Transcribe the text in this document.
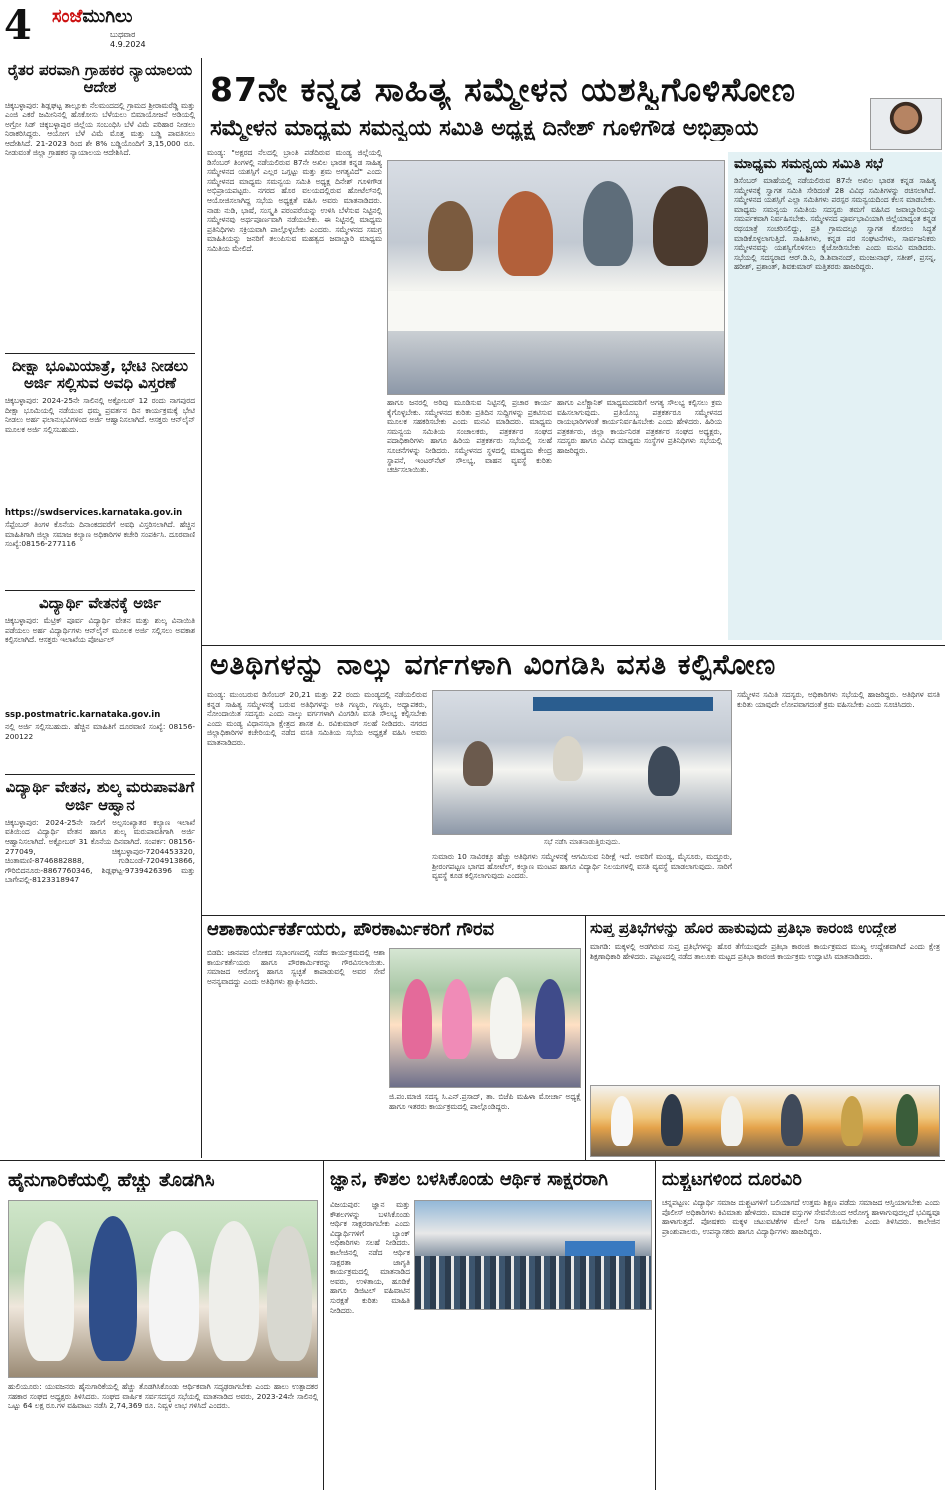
4 ಸಂಜೆಮುಗಿಲು
ಬುಧವಾರ
4.9.2024
ರೈತರ ಪರವಾಗಿ ಗ್ರಾಹಕರ ನ್ಯಾಯಾಲಯ ಆದೇಶ
ಚಿಕ್ಕಬಳ್ಳಾಪುರ: ಶಿಡ್ಲಘಟ್ಟ ತಾಲ್ಲೂಕು ನೆಲಮಂದದಲ್ಲಿ ಗ್ರಾಮದ ಶ್ರೀರಾಮರೆಡ್ಡಿ ಮತ್ತು ಎಂಜಿ ಎಕರೆ ಜಮೀನಿನಲ್ಲಿ ಹೊಕೋಸು ಬೆಳೆಯಲು ಬಿಮಾಯೋಜನೆ ಅಡಿಯಲ್ಲಿ ಅಗ್ರೋ ಸಿಡ್ ಚಿಕ್ಕಬಳ್ಳಾಪುರ ಜಿಲ್ಲೆಯ ಸಂಬಂಧಿಸಿ ಬೆಳೆ ವಿಮೆ ಪರಿಹಾರ ನೀಡಲು ನಿರಾಕರಿಸಿದ್ದರು. ಆಯೋಗ ಬೆಳೆ ವಿಮೆ ಮೊತ್ತ ಮತ್ತು ಬಡ್ಡಿ ಪಾವತಿಸಲು ಆದೇಶಿಸಿದೆ. 21-2023 ರಿಂದ ಶೇ 8% ಬಡ್ಡಿಯೊಂದಿಗೆ 3,15,000 ರೂ. ನೀಡುವಂತೆ ಜಿಲ್ಲಾ ಗ್ರಾಹಕರ ನ್ಯಾಯಾಲಯ ಆದೇಶಿಸಿದೆ.
ದೀಕ್ಷಾ ಭೂಮಿಯಾತ್ರೆ, ಭೇಟಿ ನೀಡಲು ಅರ್ಜಿ ಸಲ್ಲಿಸುವ ಅವಧಿ ವಿಸ್ತರಣೆ
ಚಿಕ್ಕಬಳ್ಳಾಪುರ: 2024-25ನೇ ಸಾಲಿನಲ್ಲಿ ಅಕ್ಟೋಬರ್ 12 ರಂದು ನಾಗಪುರದ ದೀಕ್ಷಾ ಭೂಮಿಯಲ್ಲಿ ನಡೆಯುವ ಧಮ್ಮ ಪ್ರವರ್ತನ ದಿನ ಕಾರ್ಯಕ್ರಮಕ್ಕೆ ಭೇಟಿ ನೀಡಲು ಅರ್ಹ ಫಲಾನುಭವಿಗಳಿಂದ ಅರ್ಜಿ ಆಹ್ವಾನಿಸಲಾಗಿದೆ. ಆಸಕ್ತರು ಆನ್‌ಲೈನ್ ಮೂಲಕ ಅರ್ಜಿ ಸಲ್ಲಿಸಬಹುದು.
https://swdservices.karnataka.gov.in
ಸೆಪ್ಟೆಂಬರ್ ತಿಂಗಳ ಕೊನೆಯ ದಿನಾಂಕದವರೆಗೆ ಅವಧಿ ವಿಸ್ತರಿಸಲಾಗಿದೆ. ಹೆಚ್ಚಿನ ಮಾಹಿತಿಗಾಗಿ ಜಿಲ್ಲಾ ಸಮಾಜ ಕಲ್ಯಾಣ ಅಧಿಕಾರಿಗಳ ಕಚೇರಿ ಸಂಪರ್ಕಿಸಿ. ದೂರವಾಣಿ ಸಂಖ್ಯೆ:08156-277116
ವಿದ್ಯಾರ್ಥಿ ವೇತನಕ್ಕೆ ಅರ್ಜಿ
ಚಿಕ್ಕಬಳ್ಳಾಪುರ: ಮೆಟ್ರಿಕ್ ಪೂರ್ವ ವಿದ್ಯಾರ್ಥಿ ವೇತನ ಮತ್ತು ಶುಲ್ಕ ವಿನಾಯಿತಿ ಪಡೆಯಲು ಅರ್ಹ ವಿದ್ಯಾರ್ಥಿಗಳು ಆನ್‌ಲೈನ್ ಮೂಲಕ ಅರ್ಜಿ ಸಲ್ಲಿಸಲು ಅವಕಾಶ ಕಲ್ಪಿಸಲಾಗಿದೆ. ಆಸಕ್ತರು ಇಲಾಖೆಯ ಪೋರ್ಟಲ್
ssp.postmatric.karnataka.gov.in
ನಲ್ಲಿ ಅರ್ಜಿ ಸಲ್ಲಿಸಬಹುದು. ಹೆಚ್ಚಿನ ಮಾಹಿತಿಗೆ ದೂರವಾಣಿ ಸಂಖ್ಯೆ: 08156-200122
ವಿದ್ಯಾರ್ಥಿ ವೇತನ, ಶುಲ್ಕ ಮರುಪಾವತಿಗೆ ಅರ್ಜಿ ಆಹ್ವಾನ
ಚಿಕ್ಕಬಳ್ಳಾಪುರ: 2024-25ನೇ ಸಾಲಿಗೆ ಅಲ್ಪಸಂಖ್ಯಾತರ ಕಲ್ಯಾಣ ಇಲಾಖೆ ವತಿಯಿಂದ ವಿದ್ಯಾರ್ಥಿ ವೇತನ ಹಾಗೂ ಶುಲ್ಕ ಮರುಪಾವತಿಗಾಗಿ ಅರ್ಜಿ ಆಹ್ವಾನಿಸಲಾಗಿದೆ. ಅಕ್ಟೋಬರ್ 31 ಕೊನೆಯ ದಿನವಾಗಿದೆ. ಸಂಪರ್ಕ: 08156-277049, ಚಿಕ್ಕಬಳ್ಳಾಪುರ-7204453320, ಚಿಂತಾಮಣಿ-8746882888, ಗುಡಿಬಂಡೆ-7204913866, ಗೌರಿಬಿದನೂರು-8867760346, ಶಿಡ್ಲಘಟ್ಟ-9739426396 ಮತ್ತು ಬಾಗೇಪಲ್ಲಿ-8123318947
87ನೇ ಕನ್ನಡ ಸಾಹಿತ್ಯ ಸಮ್ಮೇಳನ ಯಶಸ್ವಿಗೊಳಿಸೋಣ
ಸಮ್ಮೇಳನ ಮಾಧ್ಯಮ ಸಮನ್ವಯ ಸಮಿತಿ ಅಧ್ಯಕ್ಷ ದಿನೇಶ್ ಗೂಳಿಗೌಡ ಅಭಿಪ್ರಾಯ
ಮಂಡ್ಯ: "ಅಕ್ಷರದ ನೆಲದಲ್ಲಿ ಬ್ರಾಂತಿ ಪಡೆದಿರುವ ಮಂಡ್ಯ ಜಿಲ್ಲೆಯಲ್ಲಿ ಡಿಸೆಂಬರ್ ತಿಂಗಳಲ್ಲಿ ನಡೆಯಲಿರುವ 87ನೇ ಅಖಿಲ ಭಾರತ ಕನ್ನಡ ಸಾಹಿತ್ಯ ಸಮ್ಮೇಳನದ ಯಶಸ್ಸಿಗೆ ಎಲ್ಲರ ಒಗ್ಗಟ್ಟು ಮತ್ತು ಶ್ರಮ ಅಗತ್ಯವಿದೆ" ಎಂದು ಸಮ್ಮೇಳನದ ಮಾಧ್ಯಮ ಸಮನ್ವಯ ಸಮಿತಿ ಅಧ್ಯಕ್ಷ ದಿನೇಶ್ ಗೂಳಿಗೌಡ ಅಭಿಪ್ರಾಯಪಟ್ಟರು. ನಗರದ ಹೊರ ವಲಯದಲ್ಲಿರುವ ಹೋಟೆಲ್‌ನಲ್ಲಿ ಆಯೋಜಿಸಲಾಗಿದ್ದ ಸಭೆಯ ಅಧ್ಯಕ್ಷತೆ ವಹಿಸಿ ಅವರು ಮಾತನಾಡಿದರು. ನಾಡು ನುಡಿ, ಭಾಷೆ, ಸಂಸ್ಕೃತಿ ಪರಂಪರೆಯನ್ನು ಉಳಿಸಿ ಬೆಳೆಸುವ ನಿಟ್ಟಿನಲ್ಲಿ ಸಮ್ಮೇಳನವು ಅರ್ಥಪೂರ್ಣವಾಗಿ ನಡೆಯಬೇಕು. ಈ ನಿಟ್ಟಿನಲ್ಲಿ ಮಾಧ್ಯಮ ಪ್ರತಿನಿಧಿಗಳು ಸಕ್ರಿಯವಾಗಿ ಪಾಲ್ಗೊಳ್ಳಬೇಕು ಎಂದರು. ಸಮ್ಮೇಳನದ ಸಮಗ್ರ ಮಾಹಿತಿಯನ್ನು ಜನರಿಗೆ ತಲುಪಿಸುವ ಮಹತ್ವದ ಜವಾಬ್ದಾರಿ ಮಾಧ್ಯಮ ಸಮಿತಿಯ ಮೇಲಿದೆ.
ಹಾಗೂ ಜನರಲ್ಲಿ ಅರಿವು ಮೂಡಿಸುವ ನಿಟ್ಟಿನಲ್ಲಿ ಪ್ರಚಾರ ಕಾರ್ಯ ಕೈಗೊಳ್ಳಬೇಕು. ಸಮ್ಮೇಳನದ ಕುರಿತು ಪ್ರತಿದಿನ ಸುದ್ದಿಗಳನ್ನು ಪ್ರಕಟಿಸುವ ಮೂಲಕ ಸಹಕರಿಸಬೇಕು ಎಂದು ಮನವಿ ಮಾಡಿದರು. ಮಾಧ್ಯಮ ಸಮನ್ವಯ ಸಮಿತಿಯ ಸಂಚಾಲಕರು, ಪತ್ರಕರ್ತರ ಸಂಘದ ಪದಾಧಿಕಾರಿಗಳು ಹಾಗೂ ಹಿರಿಯ ಪತ್ರಕರ್ತರು ಸಭೆಯಲ್ಲಿ ಸಲಹೆ ಸೂಚನೆಗಳನ್ನು ನೀಡಿದರು. ಸಮ್ಮೇಳನದ ಸ್ಥಳದಲ್ಲಿ ಮಾಧ್ಯಮ ಕೇಂದ್ರ ಸ್ಥಾಪನೆ, ಇಂಟರ್‌ನೆಟ್ ಸೌಲಭ್ಯ, ವಾಹನ ವ್ಯವಸ್ಥೆ ಕುರಿತು ಚರ್ಚಿಸಲಾಯಿತು.
ಹಾಗೂ ಎಲೆಕ್ಟ್ರಾನಿಕ್ ಮಾಧ್ಯಮದವರಿಗೆ ಅಗತ್ಯ ಸೌಲಭ್ಯ ಕಲ್ಪಿಸಲು ಕ್ರಮ ವಹಿಸಲಾಗುವುದು. ಪ್ರತಿಯೊಬ್ಬ ಪತ್ರಕರ್ತರೂ ಸಮ್ಮೇಳನದ ರಾಯಭಾರಿಗಳಂತೆ ಕಾರ್ಯನಿರ್ವಹಿಸಬೇಕು ಎಂದು ಹೇಳಿದರು. ಹಿರಿಯ ಪತ್ರಕರ್ತರು, ಜಿಲ್ಲಾ ಕಾರ್ಯನಿರತ ಪತ್ರಕರ್ತರ ಸಂಘದ ಅಧ್ಯಕ್ಷರು, ಸದಸ್ಯರು ಹಾಗೂ ವಿವಿಧ ಮಾಧ್ಯಮ ಸಂಸ್ಥೆಗಳ ಪ್ರತಿನಿಧಿಗಳು ಸಭೆಯಲ್ಲಿ ಹಾಜರಿದ್ದರು.
ಮಾಧ್ಯಮ ಸಮನ್ವಯ ಸಮಿತಿ ಸಭೆ
ಡಿಸೆಂಬರ್ ಮಾಹೆಯಲ್ಲಿ ನಡೆಯಲಿರುವ 87ನೇ ಅಖಿಲ ಭಾರತ ಕನ್ನಡ ಸಾಹಿತ್ಯ ಸಮ್ಮೇಳನಕ್ಕೆ ಸ್ವಾಗತ ಸಮಿತಿ ಸೇರಿದಂತೆ 28 ವಿವಿಧ ಸಮಿತಿಗಳನ್ನು ರಚಿಸಲಾಗಿದೆ. ಸಮ್ಮೇಳನದ ಯಶಸ್ಸಿಗೆ ಎಲ್ಲಾ ಸಮಿತಿಗಳು ಪರಸ್ಪರ ಸಮನ್ವಯದಿಂದ ಕೆಲಸ ಮಾಡಬೇಕು. ಮಾಧ್ಯಮ ಸಮನ್ವಯ ಸಮಿತಿಯ ಸದಸ್ಯರು ತಮಗೆ ವಹಿಸಿದ ಜವಾಬ್ದಾರಿಯನ್ನು ಸಮರ್ಪಕವಾಗಿ ನಿರ್ವಹಿಸಬೇಕು. ಸಮ್ಮೇಳನದ ಪೂರ್ವಭಾವಿಯಾಗಿ ಜಿಲ್ಲೆಯಾದ್ಯಂತ ಕನ್ನಡ ರಥಯಾತ್ರೆ ಸಂಚರಿಸಲಿದ್ದು, ಪ್ರತಿ ಗ್ರಾಮದಲ್ಲೂ ಸ್ವಾಗತ ಕೋರಲು ಸಿದ್ಧತೆ ಮಾಡಿಕೊಳ್ಳಲಾಗುತ್ತಿದೆ. ಸಾಹಿತಿಗಳು, ಕನ್ನಡ ಪರ ಸಂಘಟನೆಗಳು, ಸಾರ್ವಜನಿಕರು ಸಮ್ಮೇಳನವನ್ನು ಯಶಸ್ವಿಗೊಳಿಸಲು ಕೈಜೋಡಿಸಬೇಕು ಎಂದು ಮನವಿ ಮಾಡಿದರು. ಸಭೆಯಲ್ಲಿ ಸದಸ್ಯರಾದ ಆರ್.ಡಿ.ನಿ, ಡಿ.ಶಿವಾನಂದ್, ಮಂಜುನಾಥ್, ಸತೀಶ್, ಪ್ರಸನ್ನ, ಹರೀಶ್, ಪ್ರಶಾಂತ್, ಶಿವಕುಮಾರ್ ಮತ್ತಿತರರು ಹಾಜರಿದ್ದರು.
ಅತಿಥಿಗಳನ್ನು ನಾಲ್ಕು ವರ್ಗಗಳಾಗಿ ವಿಂಗಡಿಸಿ ವಸತಿ ಕಲ್ಪಿಸೋಣ
ಮಂಡ್ಯ: ಮುಂಬರುವ ಡಿಸೆಂಬರ್ 20,21 ಮತ್ತು 22 ರಂದು ಮಂಡ್ಯದಲ್ಲಿ ನಡೆಯಲಿರುವ ಕನ್ನಡ ಸಾಹಿತ್ಯ ಸಮ್ಮೇಳನಕ್ಕೆ ಬರುವ ಅತಿಥಿಗಳನ್ನು ಅತಿ ಗಣ್ಯರು, ಗಣ್ಯರು, ಅಧ್ಯಾಪಕರು, ನೋಂದಾಯಿತ ಸದಸ್ಯರು ಎಂದು ನಾಲ್ಕು ವರ್ಗಗಳಾಗಿ ವಿಂಗಡಿಸಿ ವಸತಿ ಸೌಲಭ್ಯ ಕಲ್ಪಿಸಬೇಕು ಎಂದು ಮಂಡ್ಯ ವಿಧಾನಸಭಾ ಕ್ಷೇತ್ರದ ಶಾಸಕ ಪಿ. ರವಿಕುಮಾರ್ ಸಲಹೆ ನೀಡಿದರು. ನಗರದ ಜಿಲ್ಲಾಧಿಕಾರಿಗಳ ಕಚೇರಿಯಲ್ಲಿ ನಡೆದ ವಸತಿ ಸಮಿತಿಯ ಸಭೆಯ ಅಧ್ಯಕ್ಷತೆ ವಹಿಸಿ ಅವರು ಮಾತನಾಡಿದರು.
ಸಭೆ ನಡೆಸಿ ಮಾತನಾಡುತ್ತಿರುವುದು.
ಸುಮಾರು 10 ಸಾವಿರಕ್ಕೂ ಹೆಚ್ಚು ಅತಿಥಿಗಳು ಸಮ್ಮೇಳನಕ್ಕೆ ಆಗಮಿಸುವ ನಿರೀಕ್ಷೆ ಇದೆ. ಅವರಿಗೆ ಮಂಡ್ಯ, ಮೈಸೂರು, ಮದ್ದೂರು, ಶ್ರೀರಂಗಪಟ್ಟಣ ಭಾಗದ ಹೋಟೆಲ್, ಕಲ್ಯಾಣ ಮಂಟಪ ಹಾಗೂ ವಿದ್ಯಾರ್ಥಿ ನಿಲಯಗಳಲ್ಲಿ ವಸತಿ ವ್ಯವಸ್ಥೆ ಮಾಡಲಾಗುವುದು. ಸಾರಿಗೆ ವ್ಯವಸ್ಥೆ ಕೂಡ ಕಲ್ಪಿಸಲಾಗುವುದು ಎಂದರು.
ಸಮ್ಮೇಳನ ಸಮಿತಿ ಸದಸ್ಯರು, ಅಧಿಕಾರಿಗಳು ಸಭೆಯಲ್ಲಿ ಹಾಜರಿದ್ದರು. ಅತಿಥಿಗಳ ವಸತಿ ಕುರಿತು ಯಾವುದೇ ಲೋಪವಾಗದಂತೆ ಕ್ರಮ ವಹಿಸಬೇಕು ಎಂದು ಸೂಚಿಸಿದರು.
ಆಶಾಕಾರ್ಯಕರ್ತೆಯರು, ಪೌರಕಾರ್ಮಿಕರಿಗೆ ಗೌರವ
ಬಿಡದಿ: ಜಾನಪದ ಲೋಕದ ಸಭಾಂಗಣದಲ್ಲಿ ನಡೆದ ಕಾರ್ಯಕ್ರಮದಲ್ಲಿ ಆಶಾ ಕಾರ್ಯಕರ್ತೆಯರು ಹಾಗೂ ಪೌರಕಾರ್ಮಿಕರನ್ನು ಗೌರವಿಸಲಾಯಿತು. ಸಮಾಜದ ಆರೋಗ್ಯ ಹಾಗೂ ಸ್ವಚ್ಛತೆ ಕಾಪಾಡುವಲ್ಲಿ ಅವರ ಸೇವೆ ಅನನ್ಯವಾದದ್ದು ಎಂದು ಅತಿಥಿಗಳು ಶ್ಲಾಘಿಸಿದರು.
ಜಿ.ಪಂ.ಮಾಜಿ ಸದಸ್ಯ ಸಿ.ಎನ್.ಪ್ರಸಾದ್, ತಾ. ಬಿಜೆಪಿ ಮಹಿಳಾ ಮೋರ್ಚಾ ಅಧ್ಯಕ್ಷೆ ಹಾಗೂ ಇತರರು ಕಾರ್ಯಕ್ರಮದಲ್ಲಿ ಪಾಲ್ಗೊಂಡಿದ್ದರು.
ಸುಪ್ತ ಪ್ರತಿಭೆಗಳನ್ನು ಹೊರ ಹಾಕುವುದು ಪ್ರತಿಭಾ ಕಾರಂಜಿ ಉದ್ದೇಶ
ಮಾಗಡಿ: ಮಕ್ಕಳಲ್ಲಿ ಅಡಗಿರುವ ಸುಪ್ತ ಪ್ರತಿಭೆಗಳನ್ನು ಹೊರ ತೆಗೆಯುವುದೇ ಪ್ರತಿಭಾ ಕಾರಂಜಿ ಕಾರ್ಯಕ್ರಮದ ಮುಖ್ಯ ಉದ್ದೇಶವಾಗಿದೆ ಎಂದು ಕ್ಷೇತ್ರ ಶಿಕ್ಷಣಾಧಿಕಾರಿ ಹೇಳಿದರು. ಪಟ್ಟಣದಲ್ಲಿ ನಡೆದ ತಾಲೂಕು ಮಟ್ಟದ ಪ್ರತಿಭಾ ಕಾರಂಜಿ ಕಾರ್ಯಕ್ರಮ ಉದ್ಘಾಟಿಸಿ ಮಾತನಾಡಿದರು.
ಹೈನುಗಾರಿಕೆಯಲ್ಲಿ ಹೆಚ್ಚು ತೊಡಗಿಸಿ
ಹುಲಿಯೂರು: ಯುವಜನರು ಹೈನುಗಾರಿಕೆಯಲ್ಲಿ ಹೆಚ್ಚು ತೊಡಗಿಸಿಕೊಂಡು ಆರ್ಥಿಕವಾಗಿ ಸದೃಢರಾಗಬೇಕು ಎಂದು ಹಾಲು ಉತ್ಪಾದಕರ ಸಹಕಾರ ಸಂಘದ ಅಧ್ಯಕ್ಷರು ತಿಳಿಸಿದರು. ಸಂಘದ ವಾರ್ಷಿಕ ಸರ್ವಸದಸ್ಯರ ಸಭೆಯಲ್ಲಿ ಮಾತನಾಡಿದ ಅವರು, 2023-24ನೇ ಸಾಲಿನಲ್ಲಿ ಒಟ್ಟು 64 ಲಕ್ಷ ರೂ.ಗಳ ವಹಿವಾಟು ನಡೆಸಿ 2,74,369 ರೂ. ನಿವ್ವಳ ಲಾಭ ಗಳಿಸಿದೆ ಎಂದರು.
ಜ್ಞಾನ, ಕೌಶಲ ಬಳಸಿಕೊಂಡು ಆರ್ಥಿಕ ಸಾಕ್ಷರರಾಗಿ
ವಿಜಯಪುರ: ಜ್ಞಾನ ಮತ್ತು ಕೌಶಲಗಳನ್ನು ಬಳಸಿಕೊಂಡು ಆರ್ಥಿಕ ಸಾಕ್ಷರರಾಗಬೇಕು ಎಂದು ವಿದ್ಯಾರ್ಥಿಗಳಿಗೆ ಬ್ಯಾಂಕ್ ಅಧಿಕಾರಿಗಳು ಸಲಹೆ ನೀಡಿದರು. ಕಾಲೇಜಿನಲ್ಲಿ ನಡೆದ ಆರ್ಥಿಕ ಸಾಕ್ಷರತಾ ಜಾಗೃತಿ ಕಾರ್ಯಕ್ರಮದಲ್ಲಿ ಮಾತನಾಡಿದ ಅವರು, ಉಳಿತಾಯ, ಹೂಡಿಕೆ ಹಾಗೂ ಡಿಜಿಟಲ್ ವಹಿವಾಟಿನ ಸುರಕ್ಷತೆ ಕುರಿತು ಮಾಹಿತಿ ನೀಡಿದರು.
ದುಶ್ಚಟಗಳಿಂದ ದೂರವಿರಿ
ಚನ್ನಪಟ್ಟಣ: ವಿದ್ಯಾರ್ಥಿ ಸಮಾಜ ದುಶ್ಚಟಗಳಿಗೆ ಬಲಿಯಾಗದೆ ಉತ್ತಮ ಶಿಕ್ಷಣ ಪಡೆದು ಸಮಾಜದ ಆಸ್ತಿಯಾಗಬೇಕು ಎಂದು ಪೊಲೀಸ್ ಅಧಿಕಾರಿಗಳು ಕಿವಿಮಾತು ಹೇಳಿದರು. ಮಾದಕ ವಸ್ತುಗಳ ಸೇವನೆಯಿಂದ ಆರೋಗ್ಯ ಹಾಳಾಗುವುದಲ್ಲದೆ ಭವಿಷ್ಯವೂ ಹಾಳಾಗುತ್ತದೆ. ಪೋಷಕರು ಮಕ್ಕಳ ಚಟುವಟಿಕೆಗಳ ಮೇಲೆ ನಿಗಾ ವಹಿಸಬೇಕು ಎಂದು ತಿಳಿಸಿದರು. ಕಾಲೇಜಿನ ಪ್ರಾಂಶುಪಾಲರು, ಉಪನ್ಯಾಸಕರು ಹಾಗೂ ವಿದ್ಯಾರ್ಥಿಗಳು ಹಾಜರಿದ್ದರು.
